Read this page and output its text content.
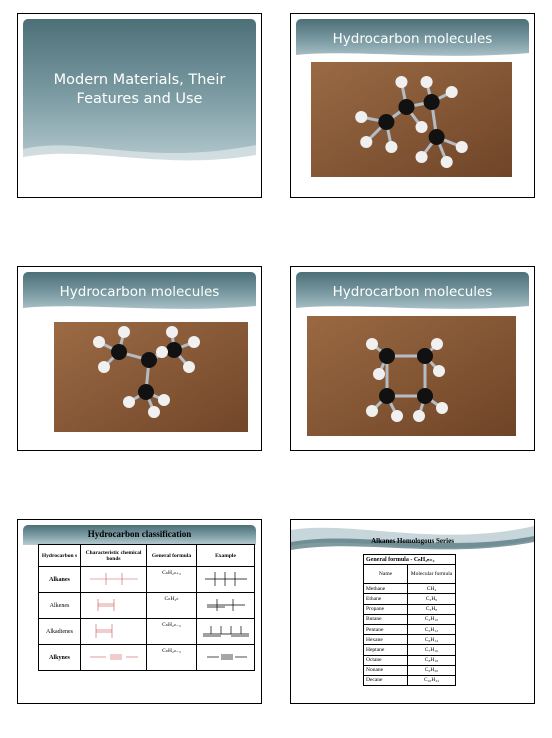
Modern Materials, Their Features and Use
Hydrocarbon molecules
Hydrocarbon molecules	Hydrocarbon molecules
Hydrocarbon classification
Hydrocarbon s	Characteristic chemical bonds	General formula	Example
Alkanes		CₙH₂ₙ₊₂	
Alkenes		CₙH₂ₙ	
Alkadienes		CₙH₂ₙ₋₂	
Alkynes		CₙH₂ₙ₋₂	
Alkanes Homologous Series
General formula - CₙH₂ₙ₊₂	
Name	Molecular formula
Methane	CH₄
Ethane	C₂H₆
Propane	C₃H₈
Butane	C₄H₁₀
Pentane	C₅H₁₂
Hexane	C₆H₁₄
Heptane	C₇H₁₆
Octane	C₈H₁₈
Nonane	C₉H₂₀
Decane	C₁₀H₂₂
